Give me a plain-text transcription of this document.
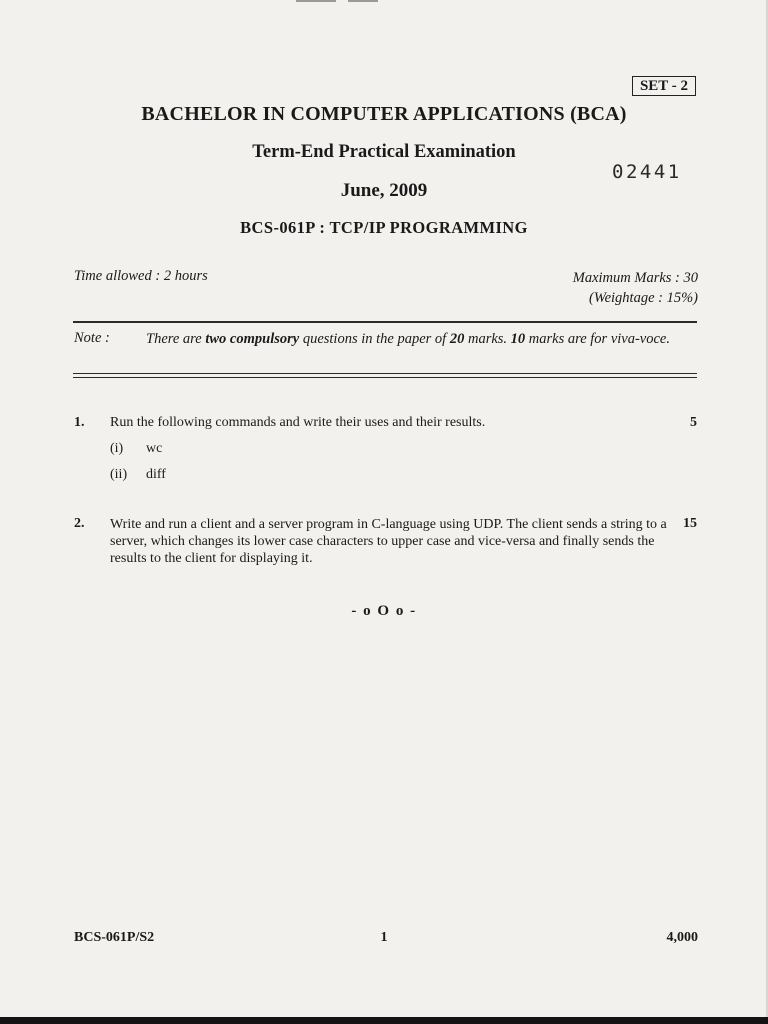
SET - 2
BACHELOR IN COMPUTER APPLICATIONS (BCA)
Term-End Practical Examination
02441
June, 2009
BCS-061P : TCP/IP PROGRAMMING
Time allowed : 2 hours	Maximum Marks : 30
(Weightage : 15%)
Note : There are two compulsory questions in the paper of 20 marks. 10 marks are for viva-voce.
1. Run the following commands and write their uses and their results.	5
(i) wc
(ii) diff
2. Write and run a client and a server program in C-language using UDP. The client sends a string to a server, which changes its lower case characters to upper case and vice-versa and finally sends the results to the client for displaying it.
15
- o O o -
BCS-061P/S2	1	4,000
